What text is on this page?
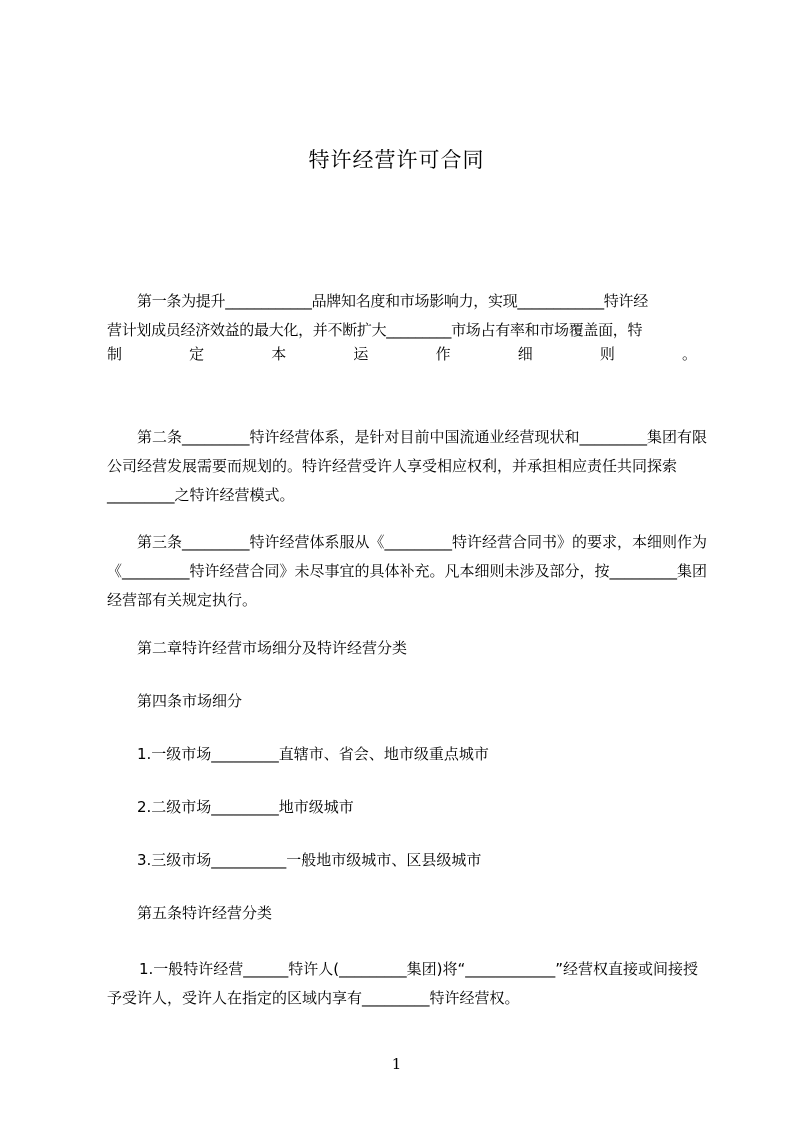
特许经营许可合同
第一条为提升____________品牌知名度和市场影响力，实现____________特许经
营计划成员经济效益的最大化，并不断扩大_________市场占有率和市场覆盖面，特
制定本运作细则。
第二条_________特许经营体系，是针对目前中国流通业经营现状和_________集团有限公司经营发展需要而规划的。特许经营受许人享受相应权利，并承担相应责任共同探索_________之特许经营模式。
第三条_________特许经营体系服从《_________特许经营合同书》的要求，本细则作为《_________特许经营合同》未尽事宜的具体补充。凡本细则未涉及部分，按_________集团经营部有关规定执行。
第二章特许经营市场细分及特许经营分类
第四条市场细分
1.一级市场_________直辖市、省会、地市级重点城市
2.二级市场_________地市级城市
3.三级市场__________一般地市级城市、区县级城市
第五条特许经营分类
1.一般特许经营______特许人(_________集团)将“____________”经营权直接或间接授予受许人，受许人在指定的区域内享有_________特许经营权。
1
